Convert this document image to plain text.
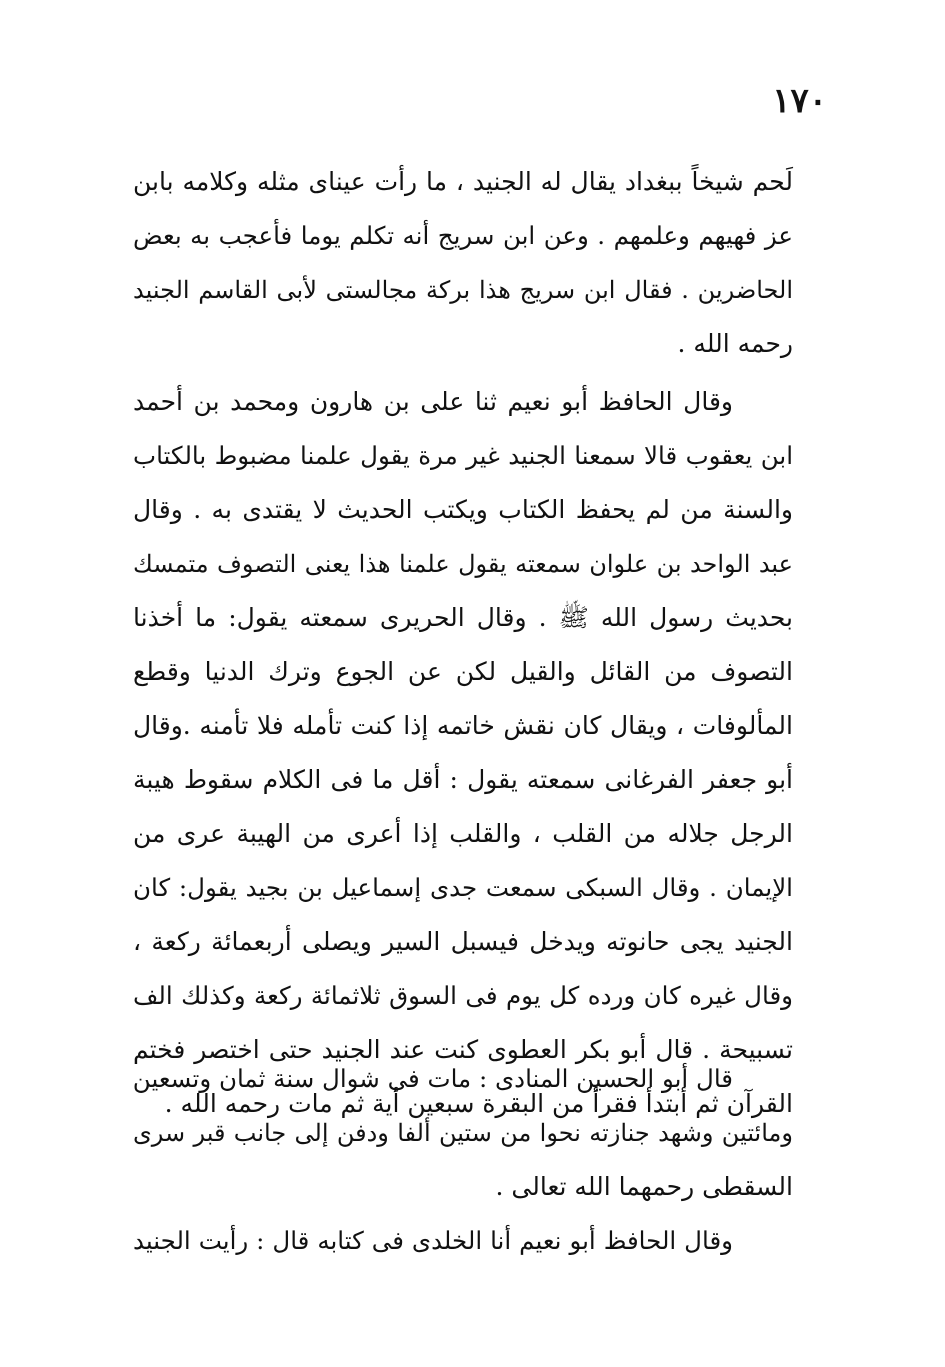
١٧٠
لَحم شيخاً ببغداد يقال له الجنيد ، ما رأت عيناى مثله وكلامه بابن
عز فهيهم وعلمهم . وعن ابن سريج أنه تكلم يوما فأعجب به بعض
الحاضرين . فقال ابن سريج هذا بركة مجالستى لأبى القاسم الجنيد
رحمه الله .
وقال الحافظ أبو نعيم ثنا على بن هارون ومحمد بن أحمد
ابن يعقوب قالا سمعنا الجنيد غير مرة يقول علمنا مضبوط بالكتاب
والسنة من لم يحفظ الكتاب ويكتب الحديث لا يقتدى به . وقال
عبد الواحد بن علوان سمعته يقول علمنا هذا يعنى التصوف متمسك
بحديث رسول الله ﷺ . وقال الحريرى سمعته يقول: ما أخذنا
التصوف من القائل والقيل لكن عن الجوع وترك الدنيا وقطع
المألوفات ، ويقال كان نقش خاتمه إذا كنت تأمله فلا تأمنه .وقال
أبو جعفر الفرغانى سمعته يقول : أقل ما فى الكلام سقوط هيبة
الرجل جلاله من القلب ، والقلب إذا أعرى من الهيبة عرى من
الإيمان . وقال السبكى سمعت جدى إسماعيل بن بجيد يقول: كان
الجنيد يجى حانوته ويدخل فيسبل السير ويصلى أربعمائة ركعة ،
وقال غيره كان ورده كل يوم فى السوق ثلاثمائة ركعة وكذلك الف
تسبيحة . قال أبو بكر العطوى كنت عند الجنيد حتى اختصر فختم
القرآن ثم أبتدأ فقرأ من البقرة سبعين أية ثم مات رحمه الله .
قال أبو الحسين المنادى : مات فى شوال سنة ثمان وتسعين
ومائتين وشهد جنازته نحوا من ستين ألفا ودفن إلى جانب قبر سرى
السقطى رحمهما الله تعالى .
وقال الحافظ أبو نعيم أنا الخلدى فى كتابه قال : رأيت الجنيد
